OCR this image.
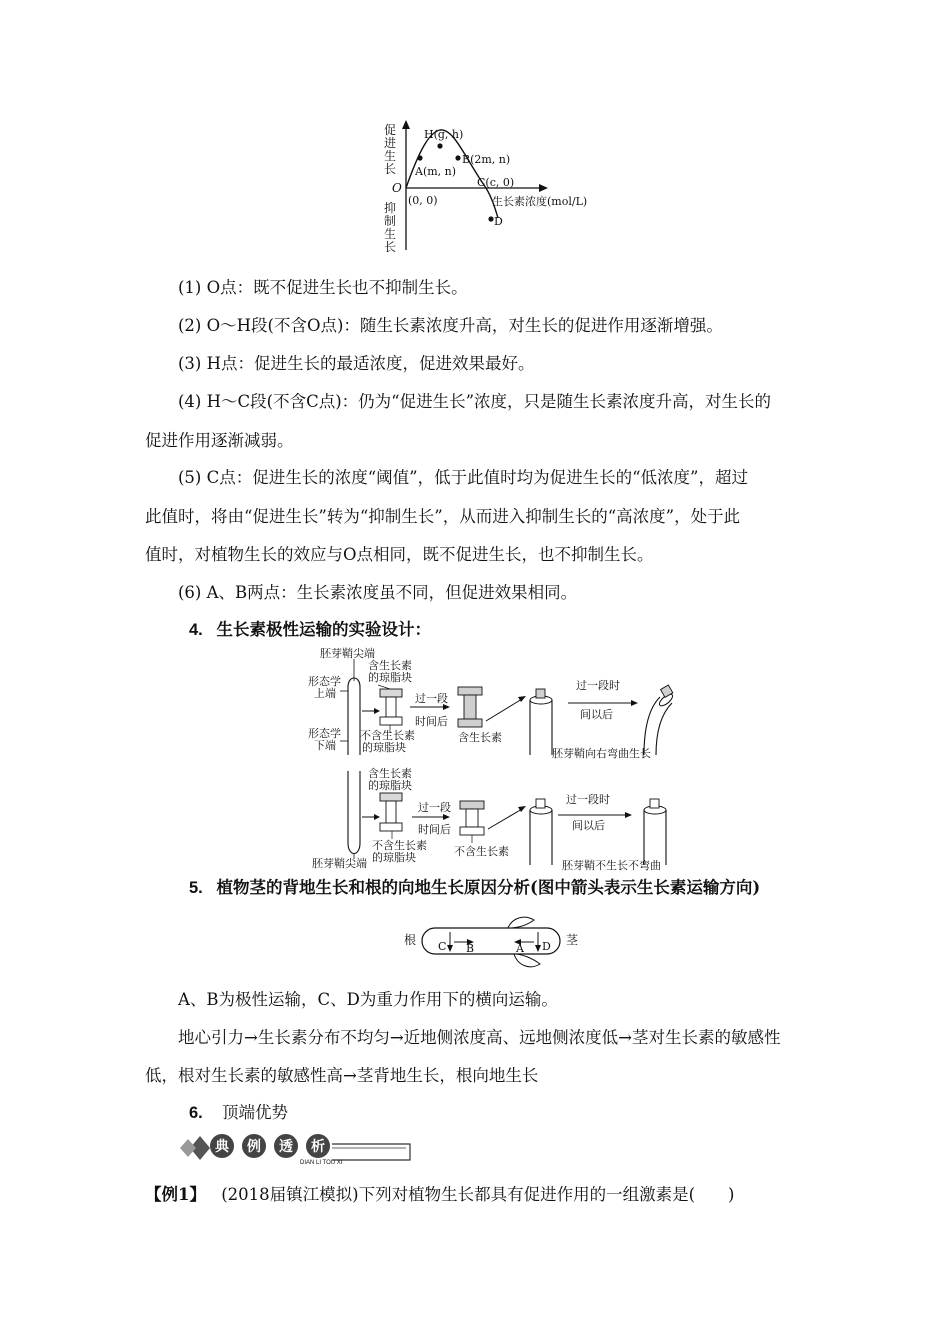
促
进
生
长
O
抑
制
生
长
(0, 0)
H(g, h)
A(m, n)
B(2m, n)
C(c, 0)
D
生长素浓度(mol/L)
(1) O点：既不促进生长也不抑制生长。
(2) O～H段(不含O点)：随生长素浓度升高，对生长的促进作用逐渐增强。
(3) H点：促进生长的最适浓度，促进效果最好。
(4) H～C段(不含C点)：仍为“促进生长”浓度，只是随生长素浓度升高，对生长的
促进作用逐渐减弱。
(5) C点：促进生长的浓度“阈值”，低于此值时均为促进生长的“低浓度”，超过
此值时，将由“促进生长”转为“抑制生长”，从而进入抑制生长的“高浓度”，处于此
值时，对植物生长的效应与O点相同，既不促进生长，也不抑制生长。
(6) A、B两点：生长素浓度虽不同，但促进效果相同。
4. 生长素极性运输的实验设计：
胚芽鞘尖端
含生长素
的琼脂块
形态学
上端
形态学
下端
不含生长素
的琼脂块
过一段
时间后
含生长素
过一段时
间以后
胚芽鞘向右弯曲生长
含生长素
的琼脂块
过一段
时间后
不含生长素
的琼脂块
胚芽鞘尖端
不含生长素
过一段时
间以后
胚芽鞘不生长不弯曲
5. 植物茎的背地生长和根的向地生长原因分析(图中箭头表示生长素运输方向)
根	茎
C B	A D
A、B为极性运输，C、D为重力作用下的横向运输。
地心引力→生长素分布不均匀→近地侧浓度高、远地侧浓度低→茎对生长素的敏感性
低，根对生长素的敏感性高→茎背地生长，根向地生长
6. 顶端优势
典 例 透 析
DIAN LI TOU XI
【例1】 (2018届镇江模拟)下列对植物生长都具有促进作用的一组激素是(　　)
